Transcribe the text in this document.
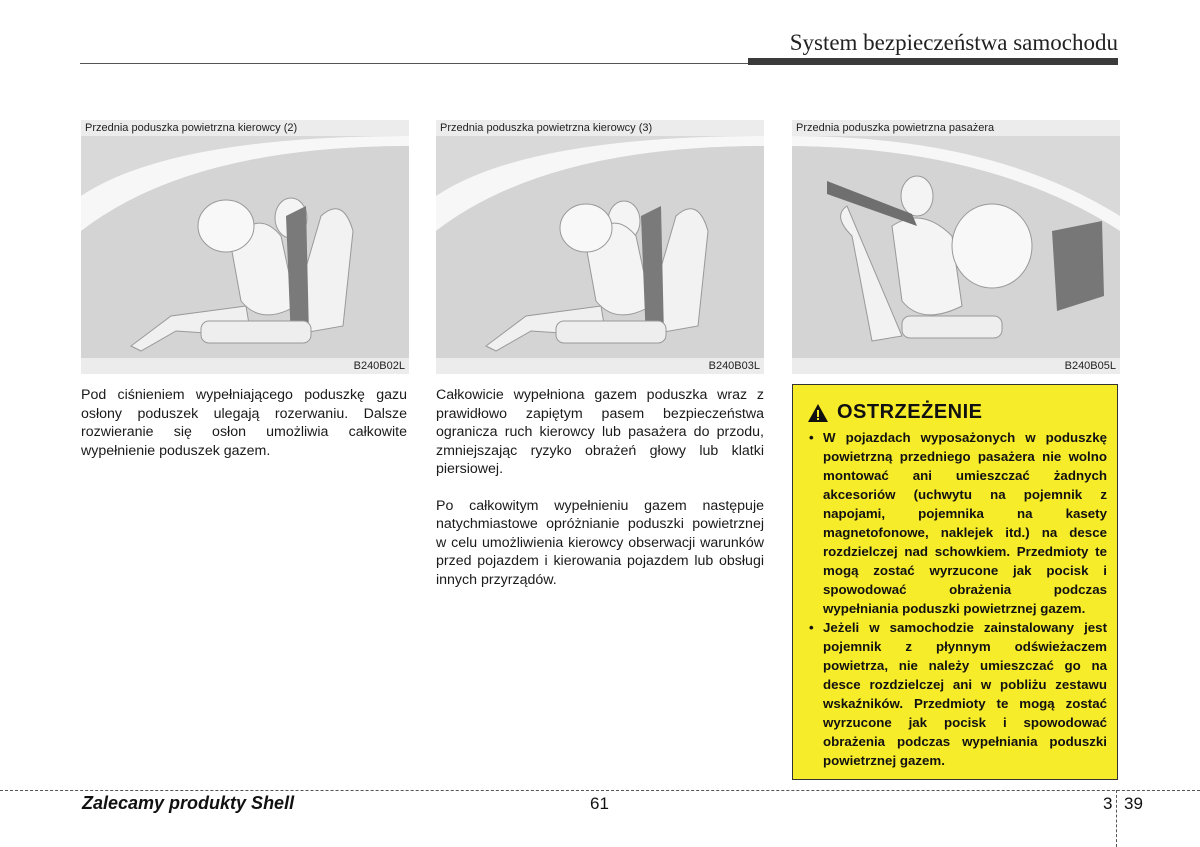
System bezpieczeństwa samochodu
Przednia poduszka powietrzna kierowcy (2)
B240B02L
Przednia poduszka powietrzna kierowcy (3)
B240B03L
Przednia poduszka powietrzna pasażera
B240B05L

Pod ciśnieniem wypełniającego poduszkę gazu osłony poduszek ulegają rozerwaniu. Dalsze rozwieranie się osłon umożliwia całkowite wypełnienie poduszek gazem.

Całkowicie wypełniona gazem poduszka wraz z prawidłowo zapiętym pasem bezpieczeństwa ogranicza ruch kierowcy lub pasażera do przodu, zmniejszając ryzyko obrażeń głowy lub klatki piersiowej.

Po całkowitym wypełnieniu gazem następuje natychmiastowe opróżnianie poduszki powietrznej w celu umożliwienia kierowcy obserwacji warunków przed pojazdem i kierowania pojazdem lub obsługi innych przyrządów.

OSTRZEŻENIE
• W pojazdach wyposażonych w poduszkę powietrzną przedniego pasażera nie wolno montować ani umieszczać żadnych akcesoriów (uchwytu na pojemnik z napojami, pojemnika na kasety magnetofonowe, naklejek itd.) na desce rozdzielczej nad schowkiem. Przedmioty te mogą zostać wyrzucone jak pocisk i spowodować obrażenia podczas wypełniania poduszki powietrznej gazem.
• Jeżeli w samochodzie zainstalowany jest pojemnik z płynnym odświeżaczem powietrza, nie należy umieszczać go na desce rozdzielczej ani w pobliżu zestawu wskaźników. Przedmioty te mogą zostać wyrzucone jak pocisk i spowodować obrażenia podczas wypełniania poduszki powietrznej gazem.
Zalecamy produkty Shell	61	3 39
